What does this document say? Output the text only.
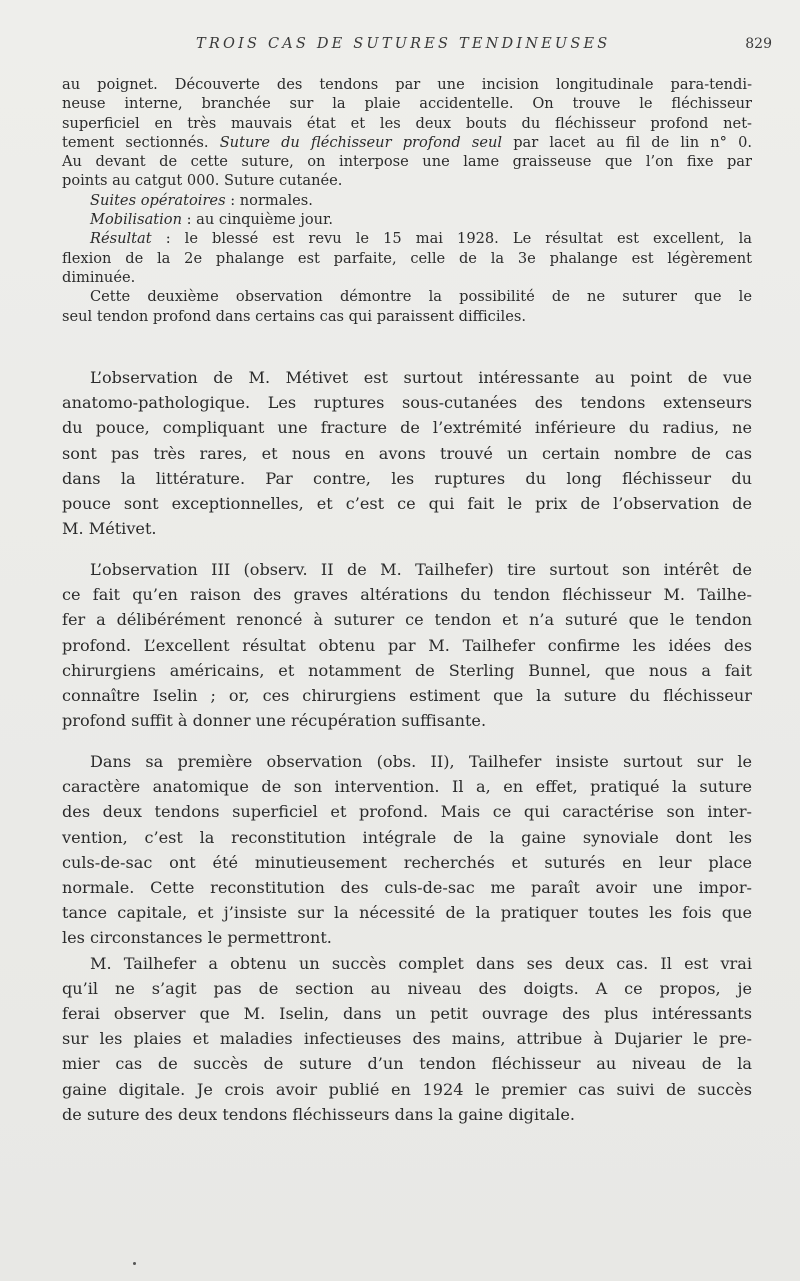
TROIS CAS DE SUTURES TENDINEUSES	829
au poignet. Découverte des tendons par une incision longitudinale para-tendi-
neuse interne, branchée sur la plaie accidentelle. On trouve le fléchisseur
superficiel en très mauvais état et les deux bouts du fléchisseur profond net-
tement sectionnés. Suture du fléchisseur profond seul par lacet au fil de lin n° 0.
Au devant de cette suture, on interpose une lame graisseuse que l’on fixe par
points au catgut 000. Suture cutanée.
Suites opératoires : normales.
Mobilisation : au cinquième jour.
Résultat : le blessé est revu le 15 mai 1928. Le résultat est excellent, la
flexion de la 2e phalange est parfaite, celle de la 3e phalange est légèrement
diminuée.
Cette deuxième observation démontre la possibilité de ne suturer que le
seul tendon profond dans certains cas qui paraissent difficiles.
L’observation de M. Métivet est surtout intéressante au point de vue
anatomo-pathologique. Les ruptures sous-cutanées des tendons extenseurs
du pouce, compliquant une fracture de l’extrémité inférieure du radius, ne
sont pas très rares, et nous en avons trouvé un certain nombre de cas
dans la littérature. Par contre, les ruptures du long fléchisseur du
pouce sont exceptionnelles, et c’est ce qui fait le prix de l’observation de
M. Métivet.
L’observation III (observ. II de M. Tailhefer) tire surtout son intérêt de
ce fait qu’en raison des graves altérations du tendon fléchisseur M. Tailhe-
fer a délibérément renoncé à suturer ce tendon et n’a suturé que le tendon
profond. L’excellent résultat obtenu par M. Tailhefer confirme les idées des
chirurgiens américains, et notamment de Sterling Bunnel, que nous a fait
connaître Iselin ; or, ces chirurgiens estiment que la suture du fléchisseur
profond suffit à donner une récupération suffisante.
Dans sa première observation (obs. II), Tailhefer insiste surtout sur le
caractère anatomique de son intervention. Il a, en effet, pratiqué la suture
des deux tendons superficiel et profond. Mais ce qui caractérise son inter-
vention, c’est la reconstitution intégrale de la gaine synoviale dont les
culs-de-sac ont été minutieusement recherchés et suturés en leur place
normale. Cette reconstitution des culs-de-sac me paraît avoir une impor-
tance capitale, et j’insiste sur la nécessité de la pratiquer toutes les fois que
les circonstances le permettront.
M. Tailhefer a obtenu un succès complet dans ses deux cas. Il est vrai
qu’il ne s’agit pas de section au niveau des doigts. A ce propos, je
ferai observer que M. Iselin, dans un petit ouvrage des plus intéressants
sur les plaies et maladies infectieuses des mains, attribue à Dujarier le pre-
mier cas de succès de suture d’un tendon fléchisseur au niveau de la
gaine digitale. Je crois avoir publié en 1924 le premier cas suivi de succès
de suture des deux tendons fléchisseurs dans la gaine digitale.
